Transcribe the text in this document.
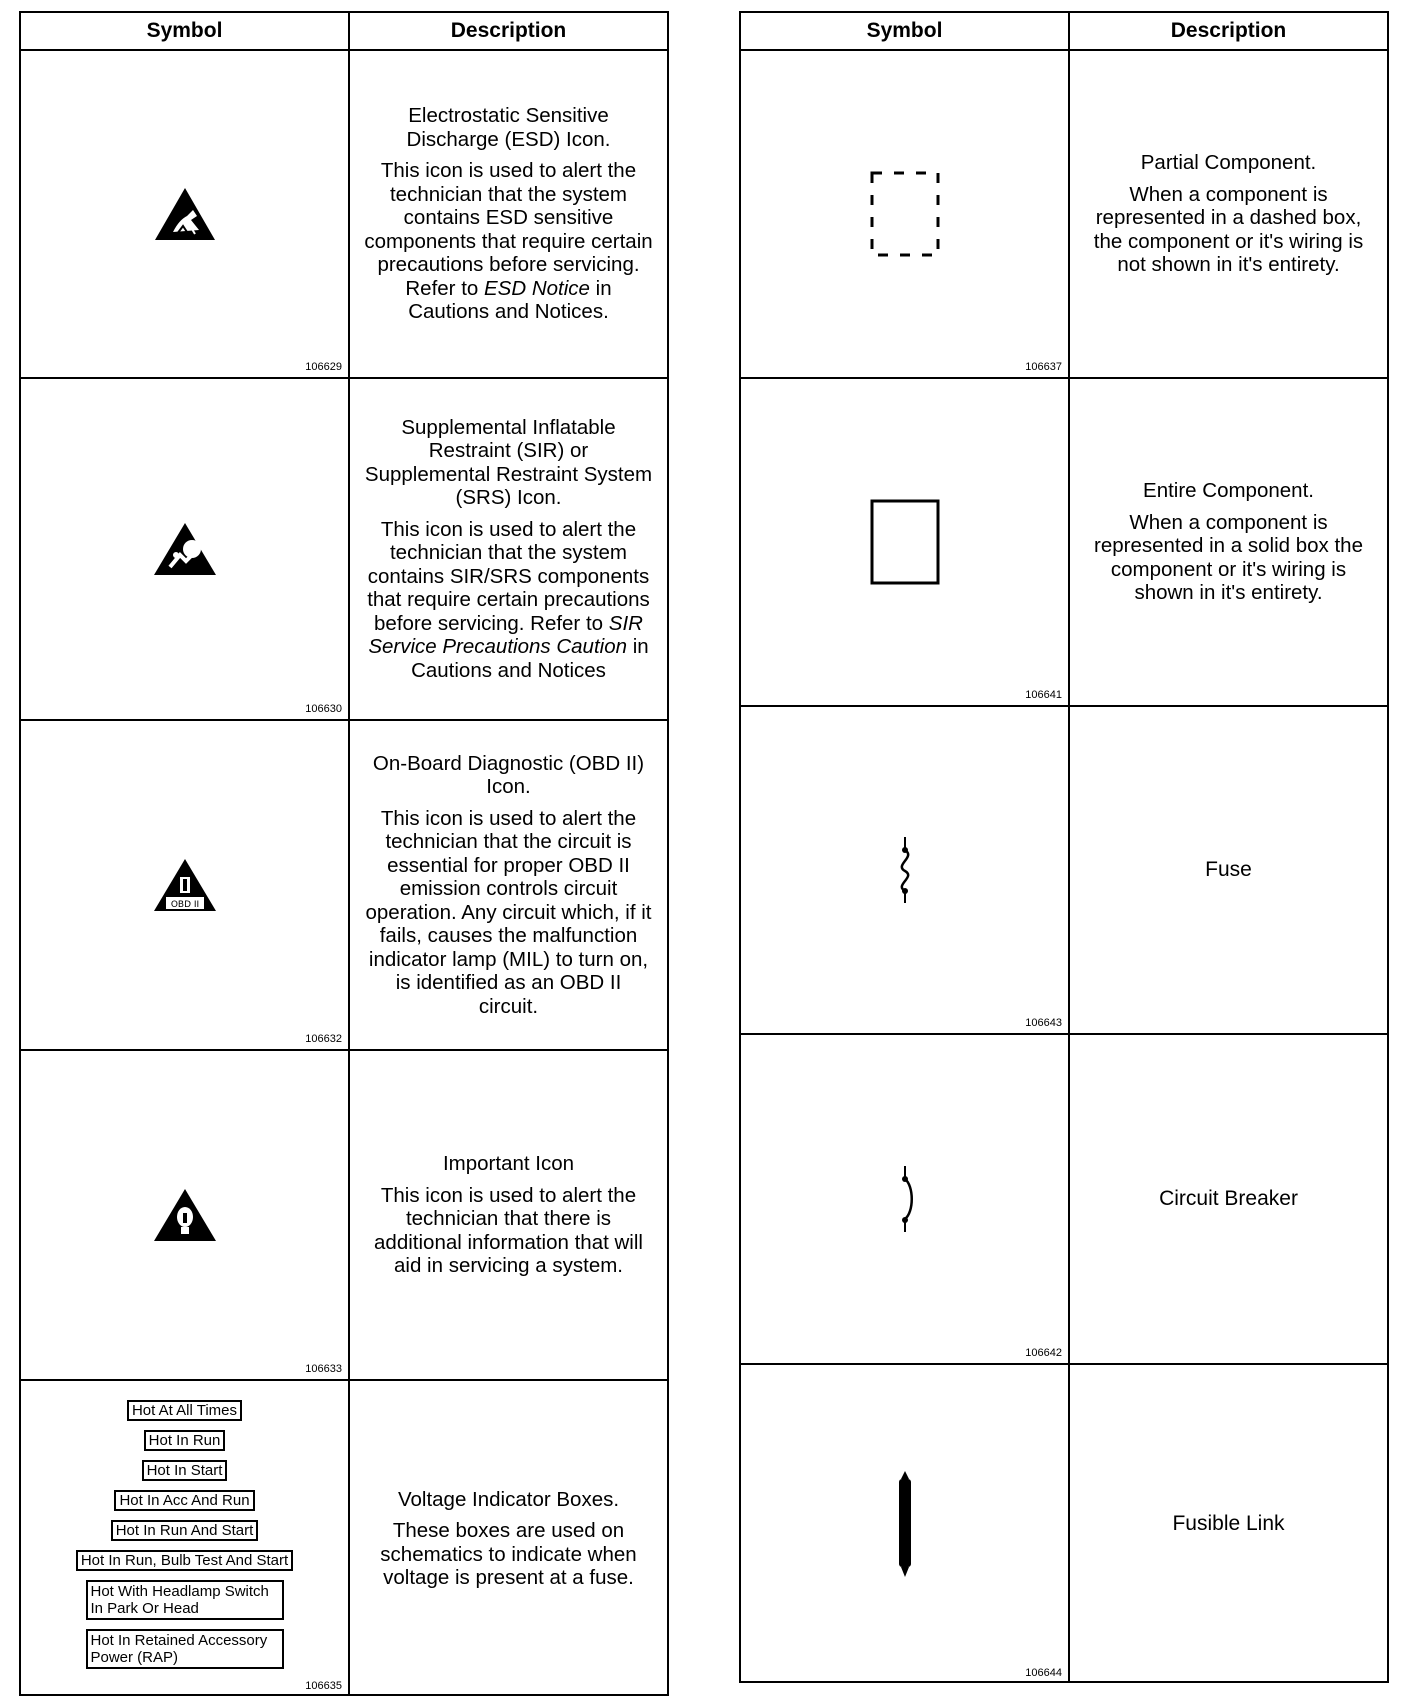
Symbol	Description
106629
Electrostatic Sensitive Discharge (ESD) Icon.
This icon is used to alert the technician that the system contains ESD sensitive components that require certain precautions before servicing. Refer to ESD Notice in Cautions and Notices.
106630
Supplemental Inflatable Restraint (SIR) or Supplemental Restraint System (SRS) Icon.
This icon is used to alert the technician that the system contains SIR/SRS components that require certain precautions before servicing. Refer to SIR Service Precautions Caution in Cautions and Notices
OBD II
106632
On-Board Diagnostic (OBD II) Icon.
This icon is used to alert the technician that the circuit is essential for proper OBD II emission controls circuit operation. Any circuit which, if it fails, causes the malfunction indicator lamp (MIL) to turn on, is identified as an OBD II circuit.
106633
Important Icon
This icon is used to alert the technician that there is additional information that will aid in servicing a system.
Hot At All Times
Hot In Run
Hot In Start
Hot In Acc And Run
Hot In Run And Start
Hot In Run, Bulb Test And Start
Hot With Headlamp Switch In Park Or Head
Hot In Retained Accessory Power (RAP)
106635
Voltage Indicator Boxes.
These boxes are used on schematics to indicate when voltage is present at a fuse.
Symbol	Description
106637
Partial Component.
When a component is represented in a dashed box, the component or it's wiring is not shown in it's entirety.
106641
Entire Component.
When a component is represented in a solid box the component or it's wiring is shown in it's entirety.
106643
Fuse
106642
Circuit Breaker
106644
Fusible Link
